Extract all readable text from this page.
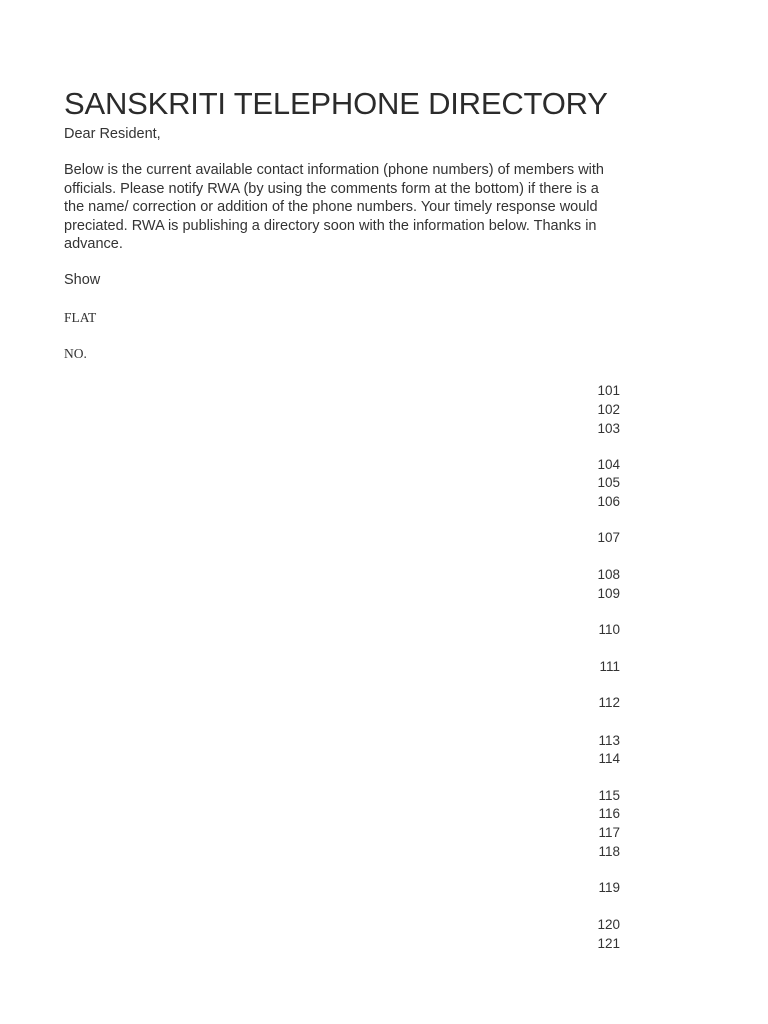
SANSKRITI TELEPHONE DIRECTORY
Dear Resident,
Below is the current available contact information (phone numbers) of members with
officials. Please notify RWA (by using the comments form at the bottom) if there is a
the name/ correction or addition of the phone numbers. Your timely response would
preciated. RWA is publishing a directory soon with the information below. Thanks in
advance.
Show
FLAT
NO.
101
102
103
104
105
106
107
108
109
110
111
112
113
114
115
116
117
118
119
120
121
